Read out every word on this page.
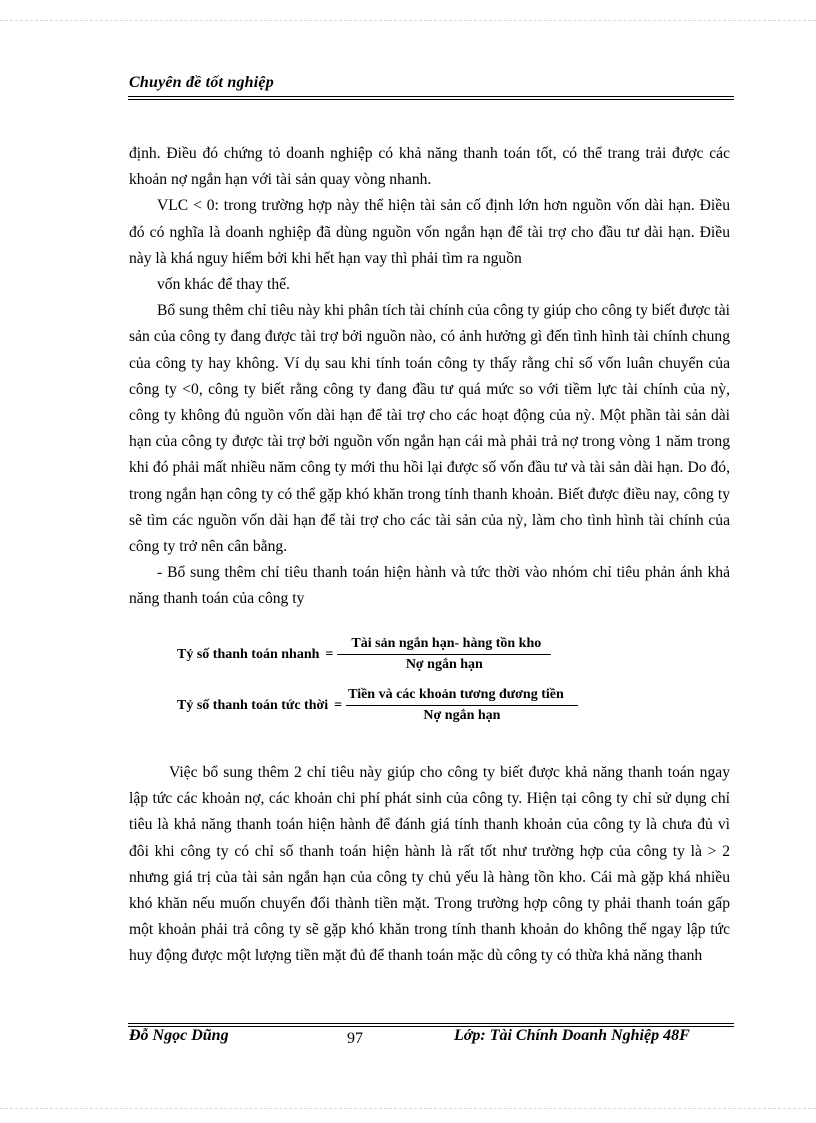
Chuyên đề tốt nghiệp

định. Điều đó chứng tỏ doanh nghiệp có khả năng thanh toán tốt, có thể trang trải được các khoản nợ ngắn hạn với tài sản quay vòng nhanh.

VLC < 0: trong trường hợp này thể hiện tài sản cố định lớn hơn nguồn vốn dài hạn. Điều đó có nghĩa là doanh nghiệp đã dùng nguồn vốn ngắn hạn để tài trợ cho đầu tư dài hạn. Điều này là khá nguy hiểm bởi khi hết hạn vay thì phải tìm ra nguồn

vốn khác để thay thế.

Bổ sung thêm chỉ tiêu này khi phân tích tài chính của công ty giúp cho công ty biết được tài sản của công ty đang được tài trợ bởi nguồn nào, có ảnh hưởng gì đến tình hình tài chính chung của công ty hay không. Ví dụ sau khi tính toán công ty thấy rằng chỉ số vốn luân chuyển của công ty <0, công ty biết rằng công ty đang đầu tư quá mức so với tiềm lực tài chính của nỳ, công ty không đủ nguồn vốn dài hạn để tài trợ cho các hoạt động của nỳ. Một phần tài sản dài hạn của công ty được tài trợ bởi nguồn vốn ngắn hạn cái mà phải trả nợ trong vòng 1 năm trong khi đó phải mất nhiều năm công ty mới thu hồi lại được số vốn đầu tư và tài sản dài hạn. Do đó, trong ngắn hạn công ty có thể gặp khó khăn trong tính thanh khoản. Biết được điều nay, công ty sẽ tìm các nguồn vốn dài hạn để tài trợ cho các tài sản của nỳ, làm cho tình hình tài chính của công ty trở nên cân bằng.

- Bổ sung thêm chỉ tiêu thanh toán hiện hành và tức thời vào nhóm chỉ tiêu phản ánh khả năng thanh toán của công ty

Tỷ số thanh toán nhanh = $\frac{\text{Tài sản ngắn hạn- hàng tồn kho}}{\text{Nợ ngắn hạn}}$
Tỷ số thanh toán tức thời = $\frac{\text{Tiền và các khoản tương đương tiền}}{\text{Nợ ngắn hạn}}$

Việc bổ sung thêm 2 chỉ tiêu này giúp cho công ty biết được khả năng thanh toán ngay lập tức các khoản nợ, các khoản chi phí phát sinh của công ty. Hiện tại công ty chỉ sử dụng chỉ tiêu là khả năng thanh toán hiện hành để đánh giá tính thanh khoản của công ty là chưa đủ vì đôi khi công ty có chỉ số thanh toán hiện hành là rất tốt như trường hợp của công ty là > 2 nhưng giá trị của tài sản ngắn hạn của công ty chủ yếu là hàng tồn kho. Cái mà gặp khá nhiều khó khăn nếu muốn chuyển đổi thành tiền mặt. Trong trường hợp công ty phải thanh toán gấp một khoản phải trả công ty sẽ gặp khó khăn trong tính thanh khoản do không thể ngay lập tức huy động được một lượng tiền mặt đủ để thanh toán mặc dù công ty có thừa khả năng thanh

Đỗ Ngọc Dũng	97	Lớp: Tài Chính Doanh Nghiệp 48F
